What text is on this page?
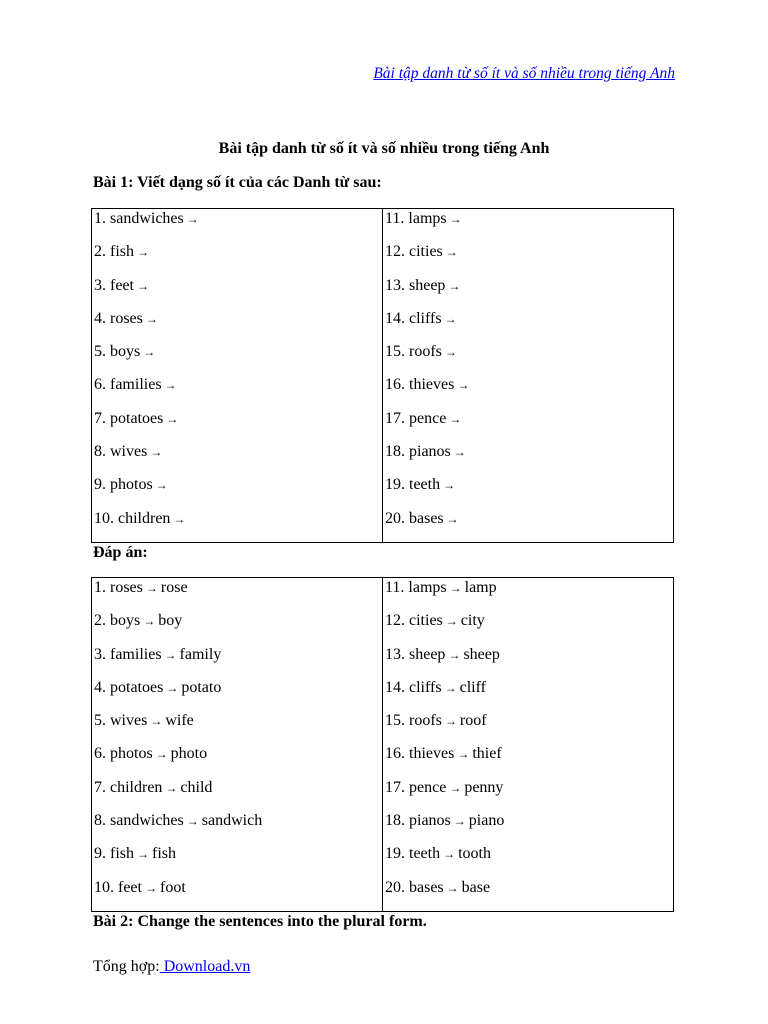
Bài tập danh từ số ít và số nhiều trong tiếng Anh
Bài tập danh từ số ít và số nhiều trong tiếng Anh
Bài 1: Viết dạng số ít của các Danh từ sau:
1. sandwiches →	11. lamps →
2. fish →	12. cities →
3. feet →	13. sheep →
4. roses →	14. cliffs →
5. boys →	15. roofs →
6. families →	16. thieves →
7. potatoes →	17. pence →
8. wives →	18. pianos →
9. photos →	19. teeth →
10. children →	20. bases →
Đáp án:
1. roses → rose	11. lamps → lamp
2. boys → boy	12. cities → city
3. families → family	13. sheep → sheep
4. potatoes → potato	14. cliffs → cliff
5. wives → wife	15. roofs → roof
6. photos → photo	16. thieves → thief
7. children → child	17. pence → penny
8. sandwiches → sandwich	18. pianos → piano
9. fish → fish	19. teeth → tooth
10. feet → foot	20. bases → base
Bài 2: Change the sentences into the plural form.
Tổng hợp: Download.vn
